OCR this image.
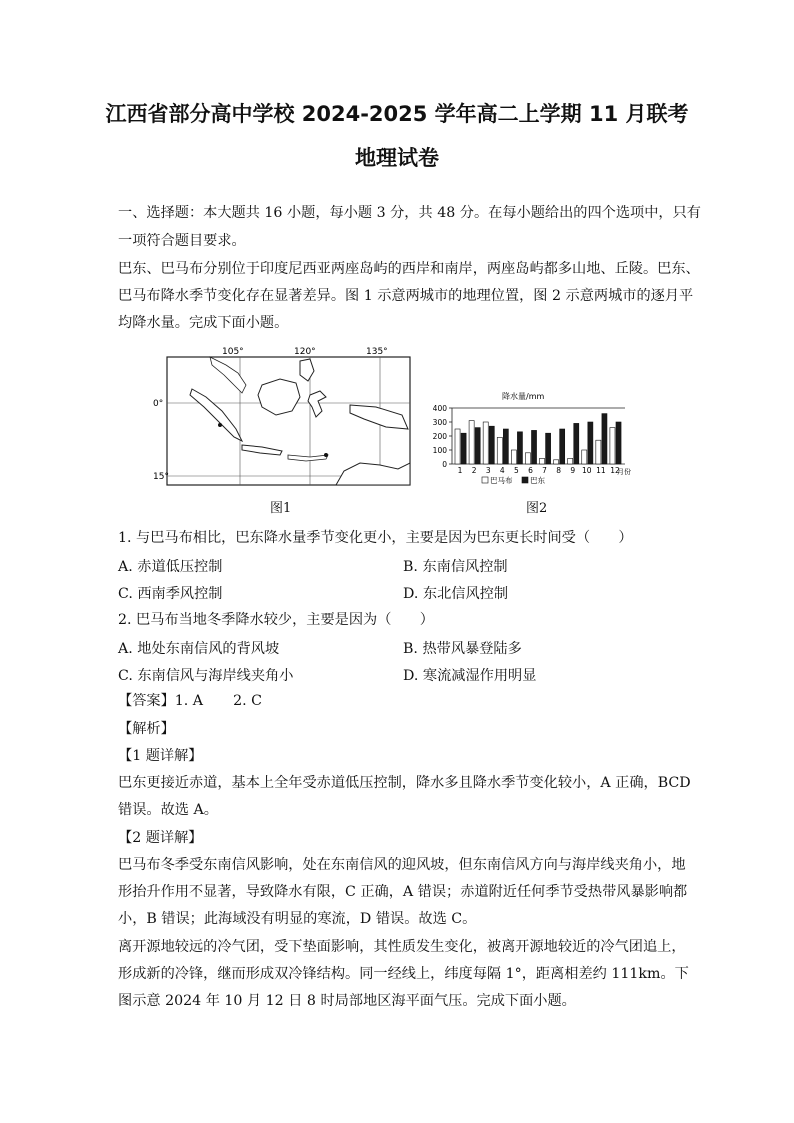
江西省部分高中学校 2024-2025 学年高二上学期 11 月联考
地理试卷
一、选择题：本大题共 16 小题，每小题 3 分，共 48 分。在每小题给出的四个选项中，只有
一项符合题目要求。
巴东、巴马布分别位于印度尼西亚两座岛屿的西岸和南岸，两座岛屿都多山地、丘陵。巴东、
巴马布降水季节变化存在显著差异。图 1 示意两城市的地理位置，图 2 示意两城市的逐月平
均降水量。完成下面小题。
105°	120°	135°
0°
15°
图1
降水量/mm
月份
0
100
200
300
400
1 2 3 4 5 6 7 8 9 10 11 12
巴马布 巴东
图2
1. 与巴马布相比，巴东降水量季节变化更小，主要是因为巴东更长时间受（　　）
A. 赤道低压控制	B. 东南信风控制
C. 西南季风控制	D. 东北信风控制
2. 巴马布当地冬季降水较少，主要是因为（　　）
A. 地处东南信风的背风坡	B. 热带风暴登陆多
C. 东南信风与海岸线夹角小	D. 寒流减湿作用明显
【答案】1. A 2. C
【解析】
【1 题详解】
巴东更接近赤道，基本上全年受赤道低压控制，降水多且降水季节变化较小，A 正确，BCD
错误。故选 A。
【2 题详解】
巴马布冬季受东南信风影响，处在东南信风的迎风坡，但东南信风方向与海岸线夹角小，地
形抬升作用不显著，导致降水有限，C 正确，A 错误；赤道附近任何季节受热带风暴影响都
小，B 错误；此海域没有明显的寒流，D 错误。故选 C。
离开源地较远的冷气团，受下垫面影响，其性质发生变化，被离开源地较近的冷气团追上，
形成新的冷锋，继而形成双冷锋结构。同一经线上，纬度每隔 1°，距离相差约 111km。下
图示意 2024 年 10 月 12 日 8 时局部地区海平面气压。完成下面小题。
